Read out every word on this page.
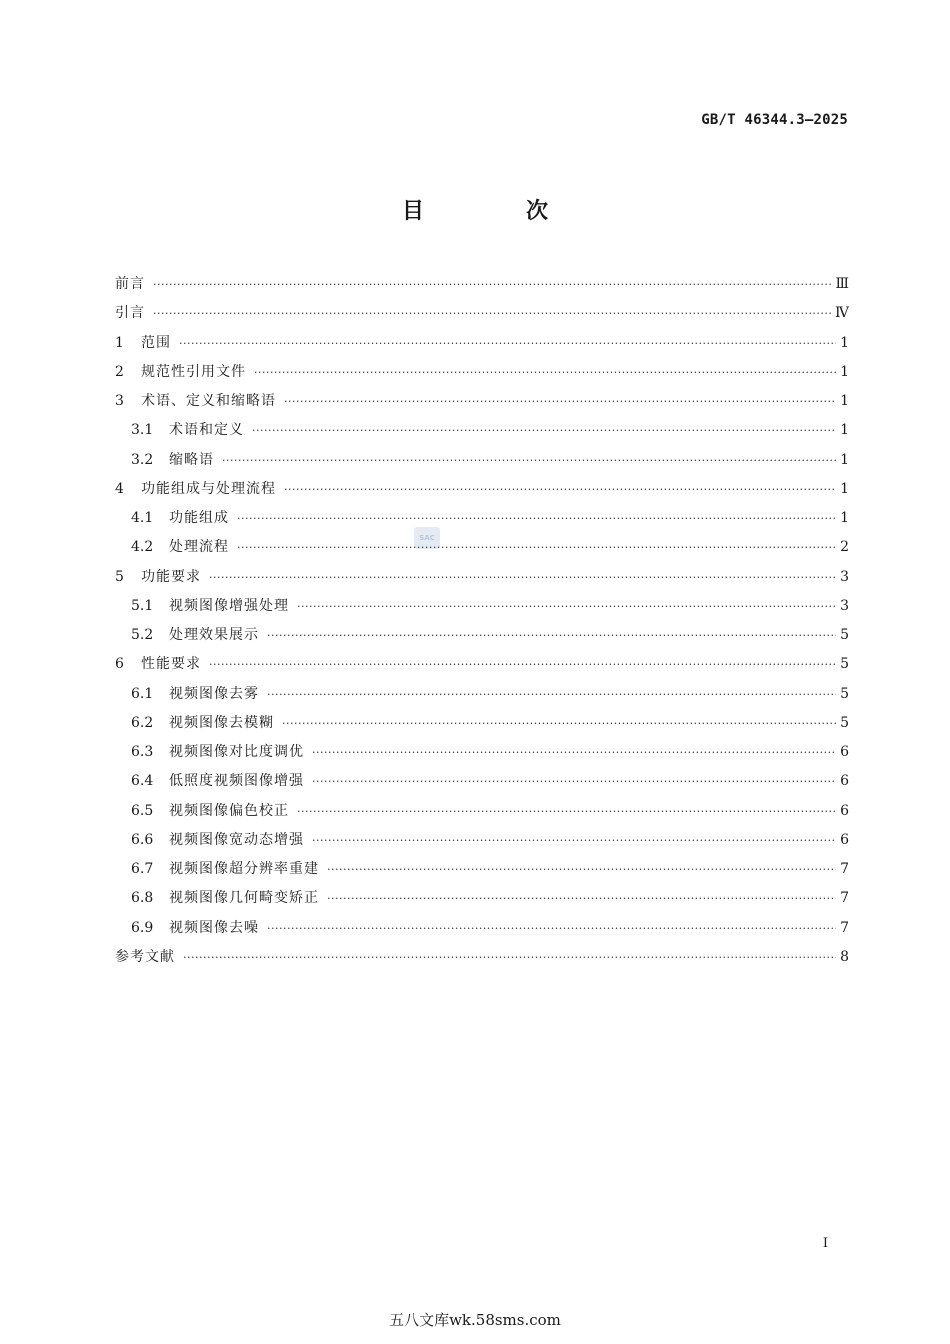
GB/T 46344.3—2025
目　次
SAC
前言 ·····	Ⅲ
引言 ·····	Ⅳ
1	范围 ·····	1
2	规范性引用文件 ·····	1
3	术语、定义和缩略语 ·····	1
3.1	术语和定义 ·····	1
3.2	缩略语 ·····	1
4	功能组成与处理流程 ·····	1
4.1	功能组成 ·····	1
4.2	处理流程 ·····	2
5	功能要求 ·····	3
5.1	视频图像增强处理 ·····	3
5.2	处理效果展示 ·····	5
6	性能要求 ·····	5
6.1	视频图像去雾 ·····	5
6.2	视频图像去模糊 ·····	5
6.3	视频图像对比度调优 ·····	6
6.4	低照度视频图像增强 ·····	6
6.5	视频图像偏色校正 ·····	6
6.6	视频图像宽动态增强 ·····	6
6.7	视频图像超分辨率重建 ·····	7
6.8	视频图像几何畸变矫正 ·····	7
6.9	视频图像去噪 ·····	7
参考文献 ·····	8
I
五八文库wk.58sms.com
